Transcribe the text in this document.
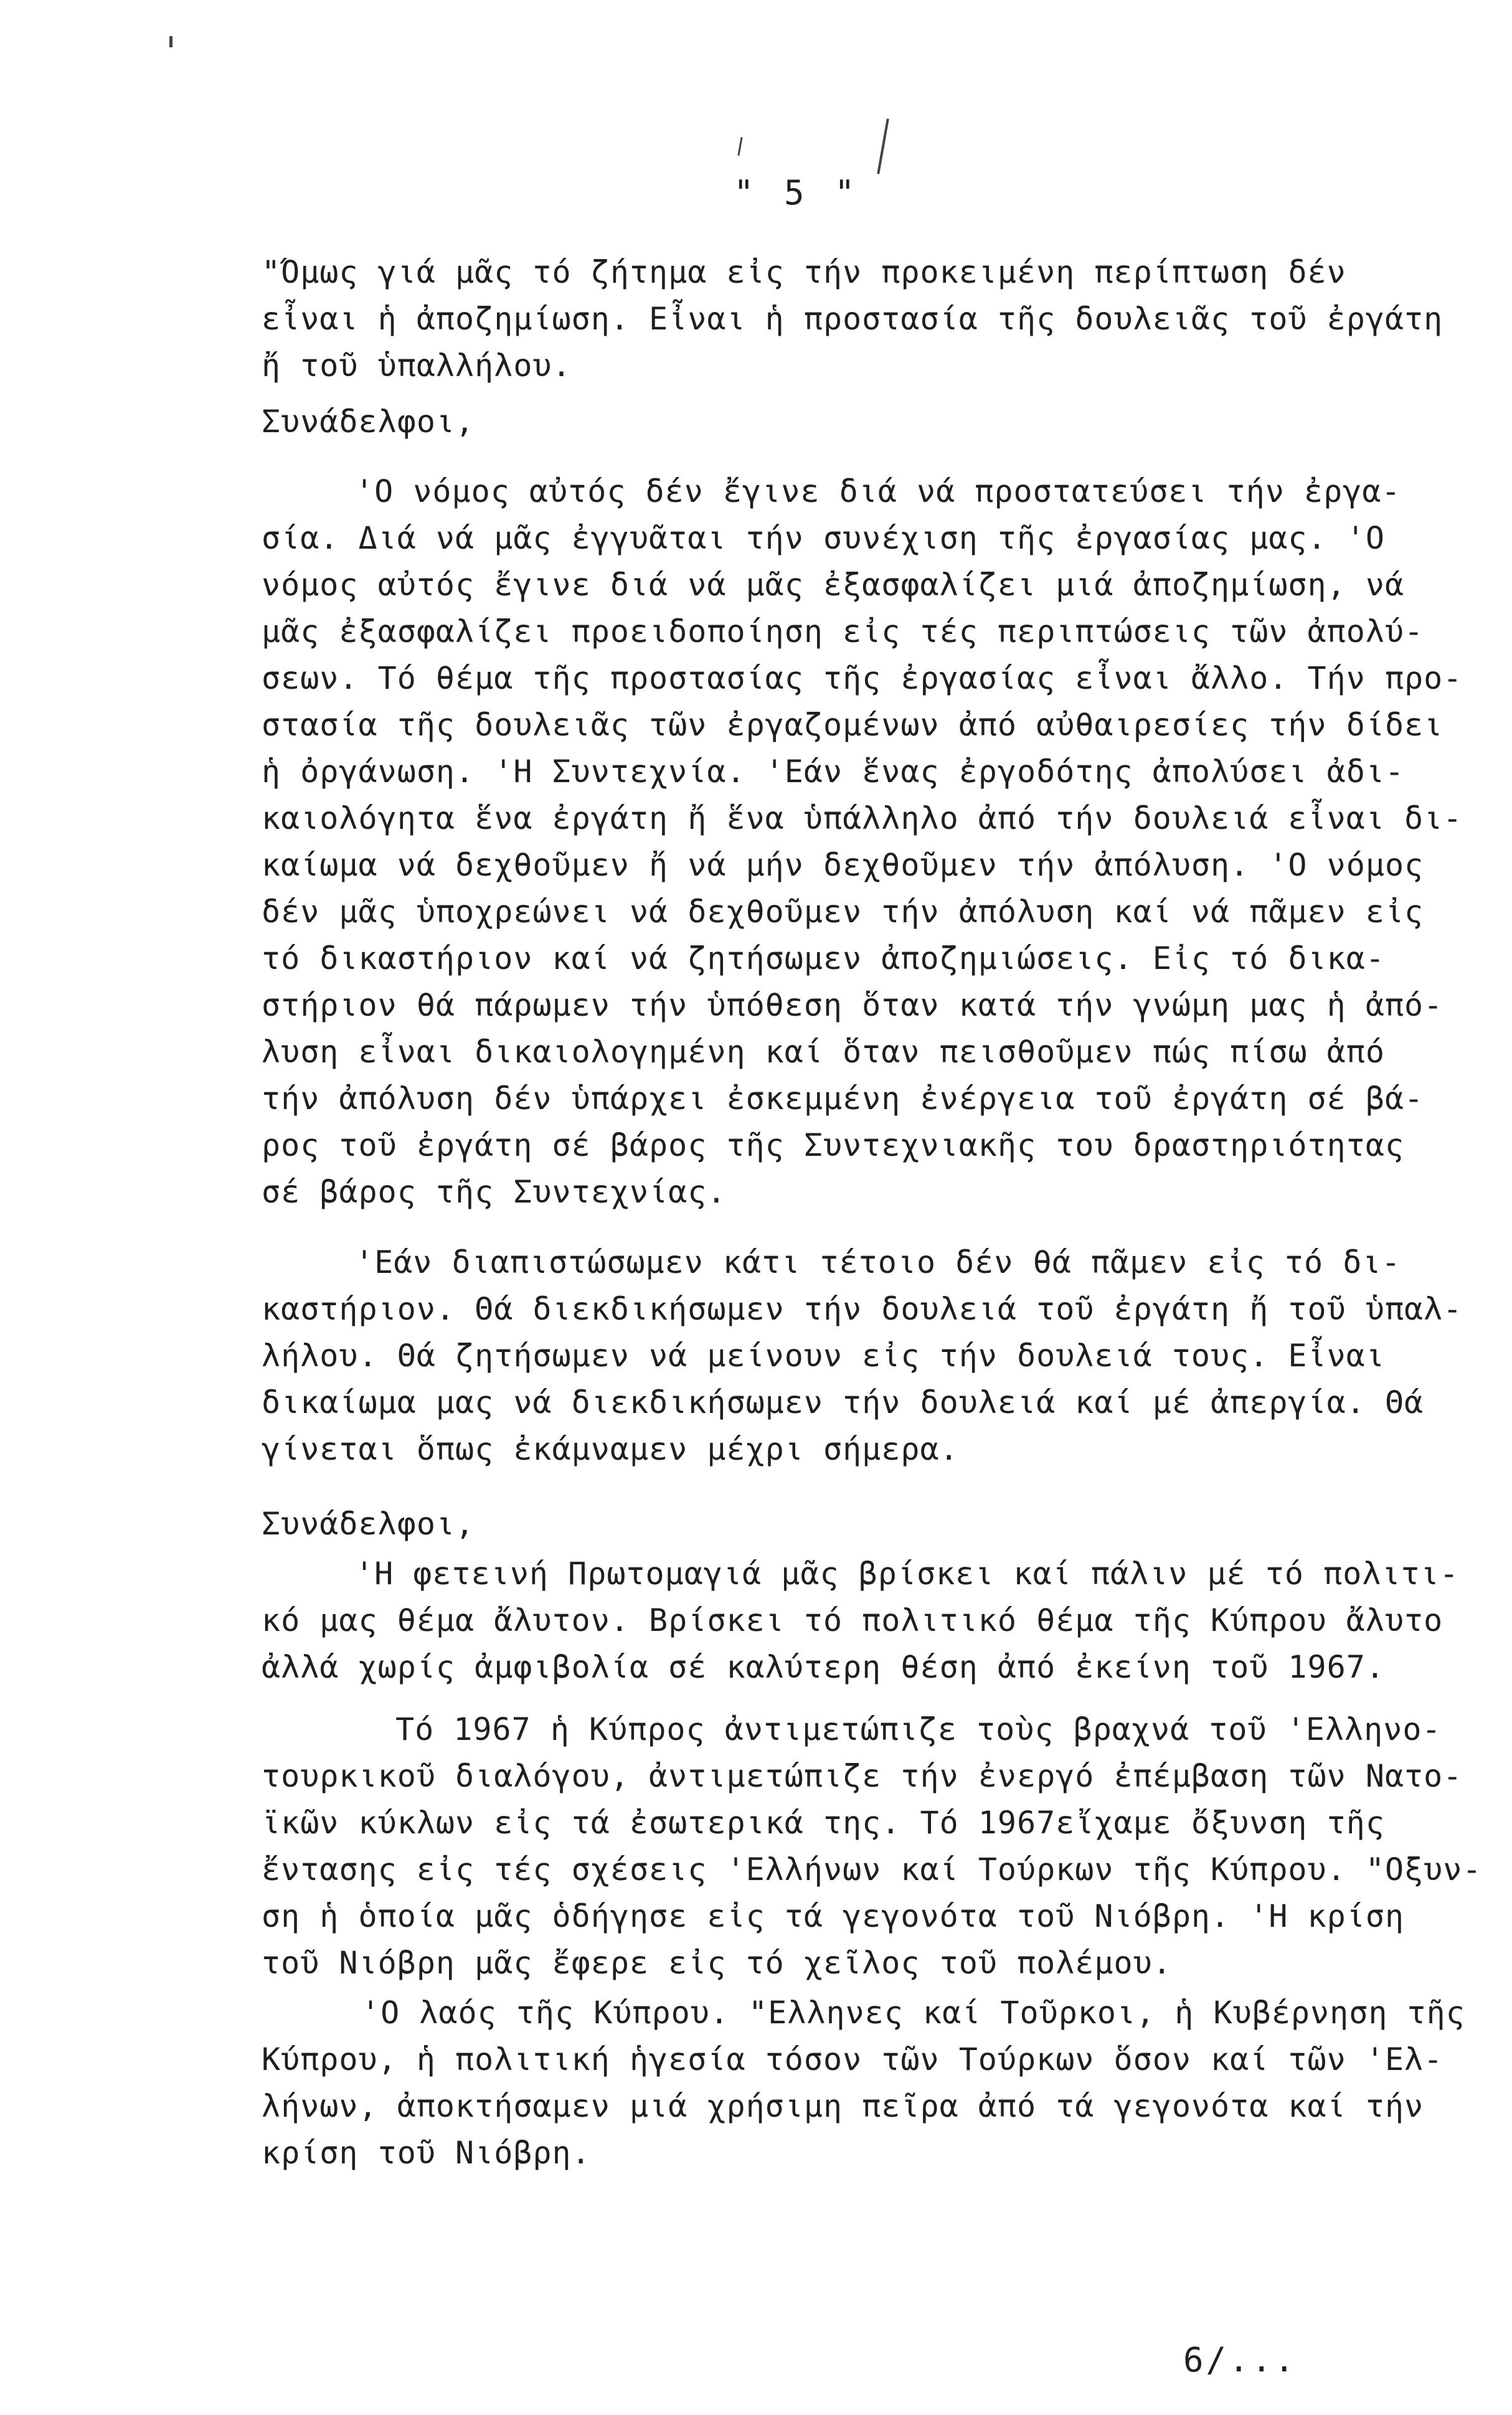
" 5 "
"Όμως γιά μᾶς τό ζήτημα εἰς τήν προκειμένη περίπτωση δέν
εἶναι ἡ ἀποζημίωση. Εἶναι ἡ προστασία τῆς δουλειᾶς τοῦ ἐργάτη
ἤ τοῦ ὑπαλλήλου.
Συνάδελφοι,
'Ο νόμος αὐτός δέν ἔγινε διά νά προστατεύσει τήν ἐργα-
σία. Διά νά μᾶς ἐγγυᾶται τήν συνέχιση τῆς ἐργασίας μας. 'Ο
νόμος αὐτός ἔγινε διά νά μᾶς ἐξασφαλίζει μιά ἀποζημίωση, νά
μᾶς ἐξασφαλίζει προειδοποίηση εἰς τές περιπτώσεις τῶν ἀπολύ-
σεων. Τό θέμα τῆς προστασίας τῆς ἐργασίας εἶναι ἄλλο. Τήν προ-
στασία τῆς δουλειᾶς τῶν ἐργαζομένων ἀπό αὐθαιρεσίες τήν δίδει
ἡ ὀργάνωση. 'Η Συντεχνία. 'Εάν ἕνας ἐργοδότης ἀπολύσει ἀδι-
καιολόγητα ἕνα ἐργάτη ἤ ἕνα ὑπάλληλο ἀπό τήν δουλειά εἶναι δι-
καίωμα νά δεχθοῦμεν ἤ νά μήν δεχθοῦμεν τήν ἀπόλυση. 'Ο νόμος
δέν μᾶς ὑποχρεώνει νά δεχθοῦμεν τήν ἀπόλυση καί νά πᾶμεν εἰς
τό δικαστήριον καί νά ζητήσωμεν ἀποζημιώσεις. Εἰς τό δικα-
στήριον θά πάρωμεν τήν ὑπόθεση ὅταν κατά τήν γνώμη μας ἡ ἀπό-
λυση εἶναι δικαιολογημένη καί ὅταν πεισθοῦμεν πώς πίσω ἀπό
τήν ἀπόλυση δέν ὑπάρχει ἐσκεμμένη ἐνέργεια τοῦ ἐργάτη σέ βά-
ρος τοῦ ἐργάτη σέ βάρος τῆς Συντεχνιακῆς του δραστηριότητας
σέ βάρος τῆς Συντεχνίας.
'Εάν διαπιστώσωμεν κάτι τέτοιο δέν θά πᾶμεν εἰς τό δι-
καστήριον. Θά διεκδικήσωμεν τήν δουλειά τοῦ ἐργάτη ἤ τοῦ ὑπαλ-
λήλου. Θά ζητήσωμεν νά μείνουν εἰς τήν δουλειά τους. Εἶναι
δικαίωμα μας νά διεκδικήσωμεν τήν δουλειά καί μέ ἀπεργία. Θά
γίνεται ὅπως ἐκάμναμεν μέχρι σήμερα.
Συνάδελφοι,
'Η φετεινή Πρωτομαγιά μᾶς βρίσκει καί πάλιν μέ τό πολιτι-
κό μας θέμα ἄλυτον. Βρίσκει τό πολιτικό θέμα τῆς Κύπρου ἄλυτο
ἀλλά χωρίς ἀμφιβολία σέ καλύτερη θέση ἀπό ἐκείνη τοῦ 1967.
Τό 1967 ἡ Κύπρος ἀντιμετώπιζε τοὺς βραχνά τοῦ 'Ελληνο-
τουρκικοῦ διαλόγου, ἀντιμετώπιζε τήν ἐνεργό ἐπέμβαση τῶν Νατο-
ϊκῶν κύκλων εἰς τά ἐσωτερικά της. Τό 1967εἴχαμε ὄξυνση τῆς
ἔντασης εἰς τές σχέσεις 'Ελλήνων καί Τούρκων τῆς Κύπρου. "Οξυν-
ση ἡ ὁποία μᾶς ὁδήγησε εἰς τά γεγονότα τοῦ Νιόβρη. 'Η κρίση
τοῦ Νιόβρη μᾶς ἔφερε εἰς τό χεῖλος τοῦ πολέμου.
'Ο λαός τῆς Κύπρου. "Ελληνες καί Τοῦρκοι, ἡ Κυβέρνηση τῆς
Κύπρου, ἡ πολιτική ἡγεσία τόσον τῶν Τούρκων ὅσον καί τῶν 'Ελ-
λήνων, ἀποκτήσαμεν μιά χρήσιμη πεῖρα ἀπό τά γεγονότα καί τήν
κρίση τοῦ Νιόβρη.
6/...
